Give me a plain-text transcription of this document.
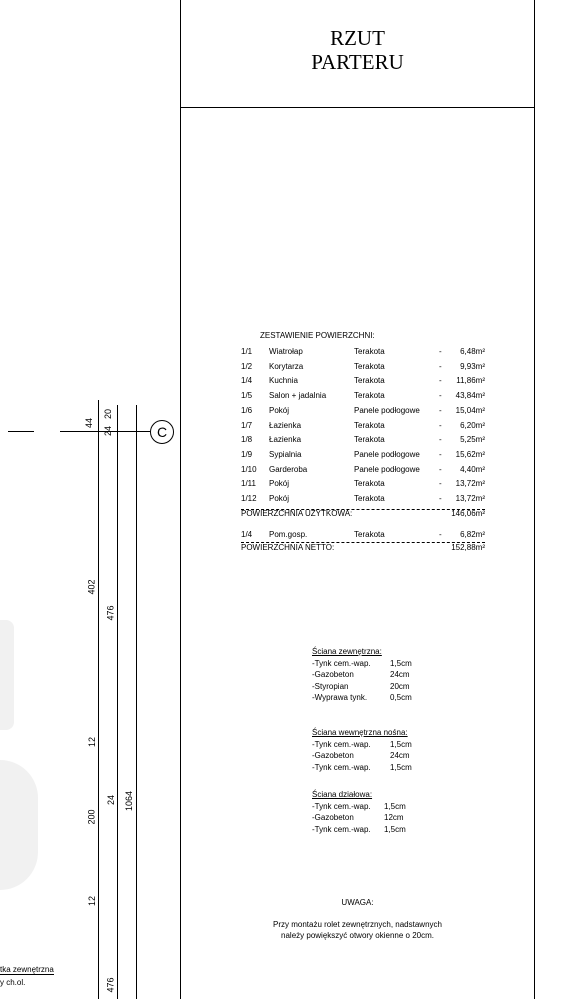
C
44
24
20
402
476
12
24 1064
200
12
476
tka zewnętrzna
y ch.ol.
RZUT
PARTERU
ZESTAWIENIE POWIERZCHNI:
1/1 Wiatrołap	Terakota	- 6,48m²
1/2 Korytarza	Terakota	- 9,93m²
1/4 Kuchnia	Terakota	- 11,86m²
1/5 Salon + jadalnia	Terakota	- 43,84m²
1/6 Pokój	Panele podłogowe - 15,04m²
1/7 Łazienka	Terakota	- 6,20m²
1/8 Łazienka	Terakota	- 5,25m²
1/9 Sypialnia	Panele podłogowe - 15,62m²
1/10 Garderoba	Panele podłogowe - 4,40m²
1/11 Pokój	Terakota	- 13,72m²
1/12 Pokój	Terakota	- 13,72m²
POWIERZCHNIA UŻYTKOWA:	146,06m²
1/4 Pom.gosp.	Terakota	- 6,82m²
POWIERZCHNIA NETTO:	152,88m²
Ściana zewnętrzna:
-Tynk cem.-wap. 1,5cm
-Gazobeton	24cm
-Styropian	20cm
-Wyprawa tynk.	0,5cm
Ściana wewnętrzna nośna:
-Tynk cem.-wap. 1,5cm
-Gazobeton	24cm
-Tynk cem.-wap. 1,5cm
Ściana działowa:
-Tynk cem.-wap. 1,5cm
-Gazobeton	12cm
-Tynk cem.-wap. 1,5cm
UWAGA:
Przy montażu rolet zewnętrznych, nadstawnych
należy powiększyć otwory okienne o 20cm.
